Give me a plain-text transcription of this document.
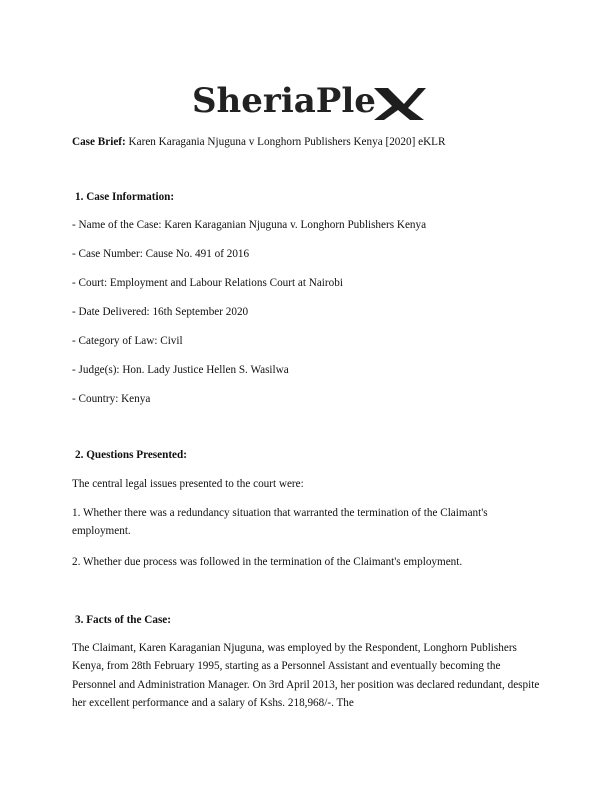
SheriaPle
Case Brief: Karen Karagania Njuguna v Longhorn Publishers Kenya [2020] eKLR
1. Case Information:
- Name of the Case: Karen Karaganian Njuguna v. Longhorn Publishers Kenya
- Case Number: Cause No. 491 of 2016
- Court: Employment and Labour Relations Court at Nairobi
- Date Delivered: 16th September 2020
- Category of Law: Civil
- Judge(s): Hon. Lady Justice Hellen S. Wasilwa
- Country: Kenya
2. Questions Presented:
The central legal issues presented to the court were:
1. Whether there was a redundancy situation that warranted the termination of the Claimant's employment.
2. Whether due process was followed in the termination of the Claimant's employment.
3. Facts of the Case:
The Claimant, Karen Karaganian Njuguna, was employed by the Respondent, Longhorn Publishers Kenya, from 28th February 1995, starting as a Personnel Assistant and eventually becoming the Personnel and Administration Manager. On 3rd April 2013, her position was declared redundant, despite her excellent performance and a salary of Kshs. 218,968/-. The
